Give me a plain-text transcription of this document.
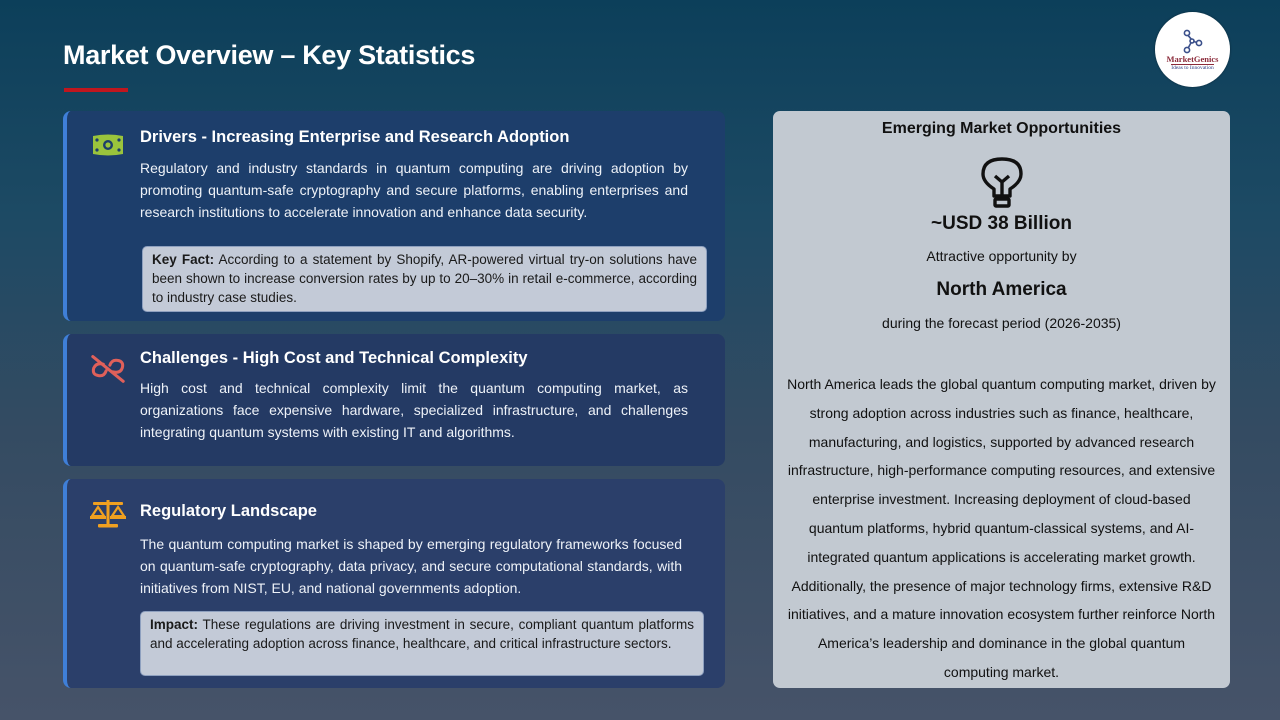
Market Overview – Key Statistics	MarketGenics
Ideas to Innovation
Drivers - Increasing Enterprise and Research Adoption
Regulatory and industry standards in quantum computing are driving adoption by promoting quantum-safe cryptography and secure platforms, enabling enterprises and research institutions to accelerate innovation and enhance data security.
Key Fact: According to a statement by Shopify, AR-powered virtual try-on solutions have been shown to increase conversion rates by up to 20–30% in retail e-commerce, according to industry case studies.
Challenges - High Cost and Technical Complexity
High cost and technical complexity limit the quantum computing market, as organizations face expensive hardware, specialized infrastructure, and challenges integrating quantum systems with existing IT and algorithms.
Regulatory Landscape
The quantum computing market is shaped by emerging regulatory frameworks focused on quantum-safe cryptography, data privacy, and secure computational standards, with initiatives from NIST, EU, and national governments adoption.
Impact: These regulations are driving investment in secure, compliant quantum platforms and accelerating adoption across finance, healthcare, and critical infrastructure sectors.
Emerging Market Opportunities
~USD 38 Billion
Attractive opportunity by
North America
during the forecast period (2026-2035)
North America leads the global quantum computing market, driven by strong adoption across industries such as finance, healthcare, manufacturing, and logistics, supported by advanced research infrastructure, high-performance computing resources, and extensive enterprise investment. Increasing deployment of cloud-based quantum platforms, hybrid quantum-classical systems, and AI-integrated quantum applications is accelerating market growth. Additionally, the presence of major technology firms, extensive R&D initiatives, and a mature innovation ecosystem further reinforce North America’s leadership and dominance in the global quantum computing market.
